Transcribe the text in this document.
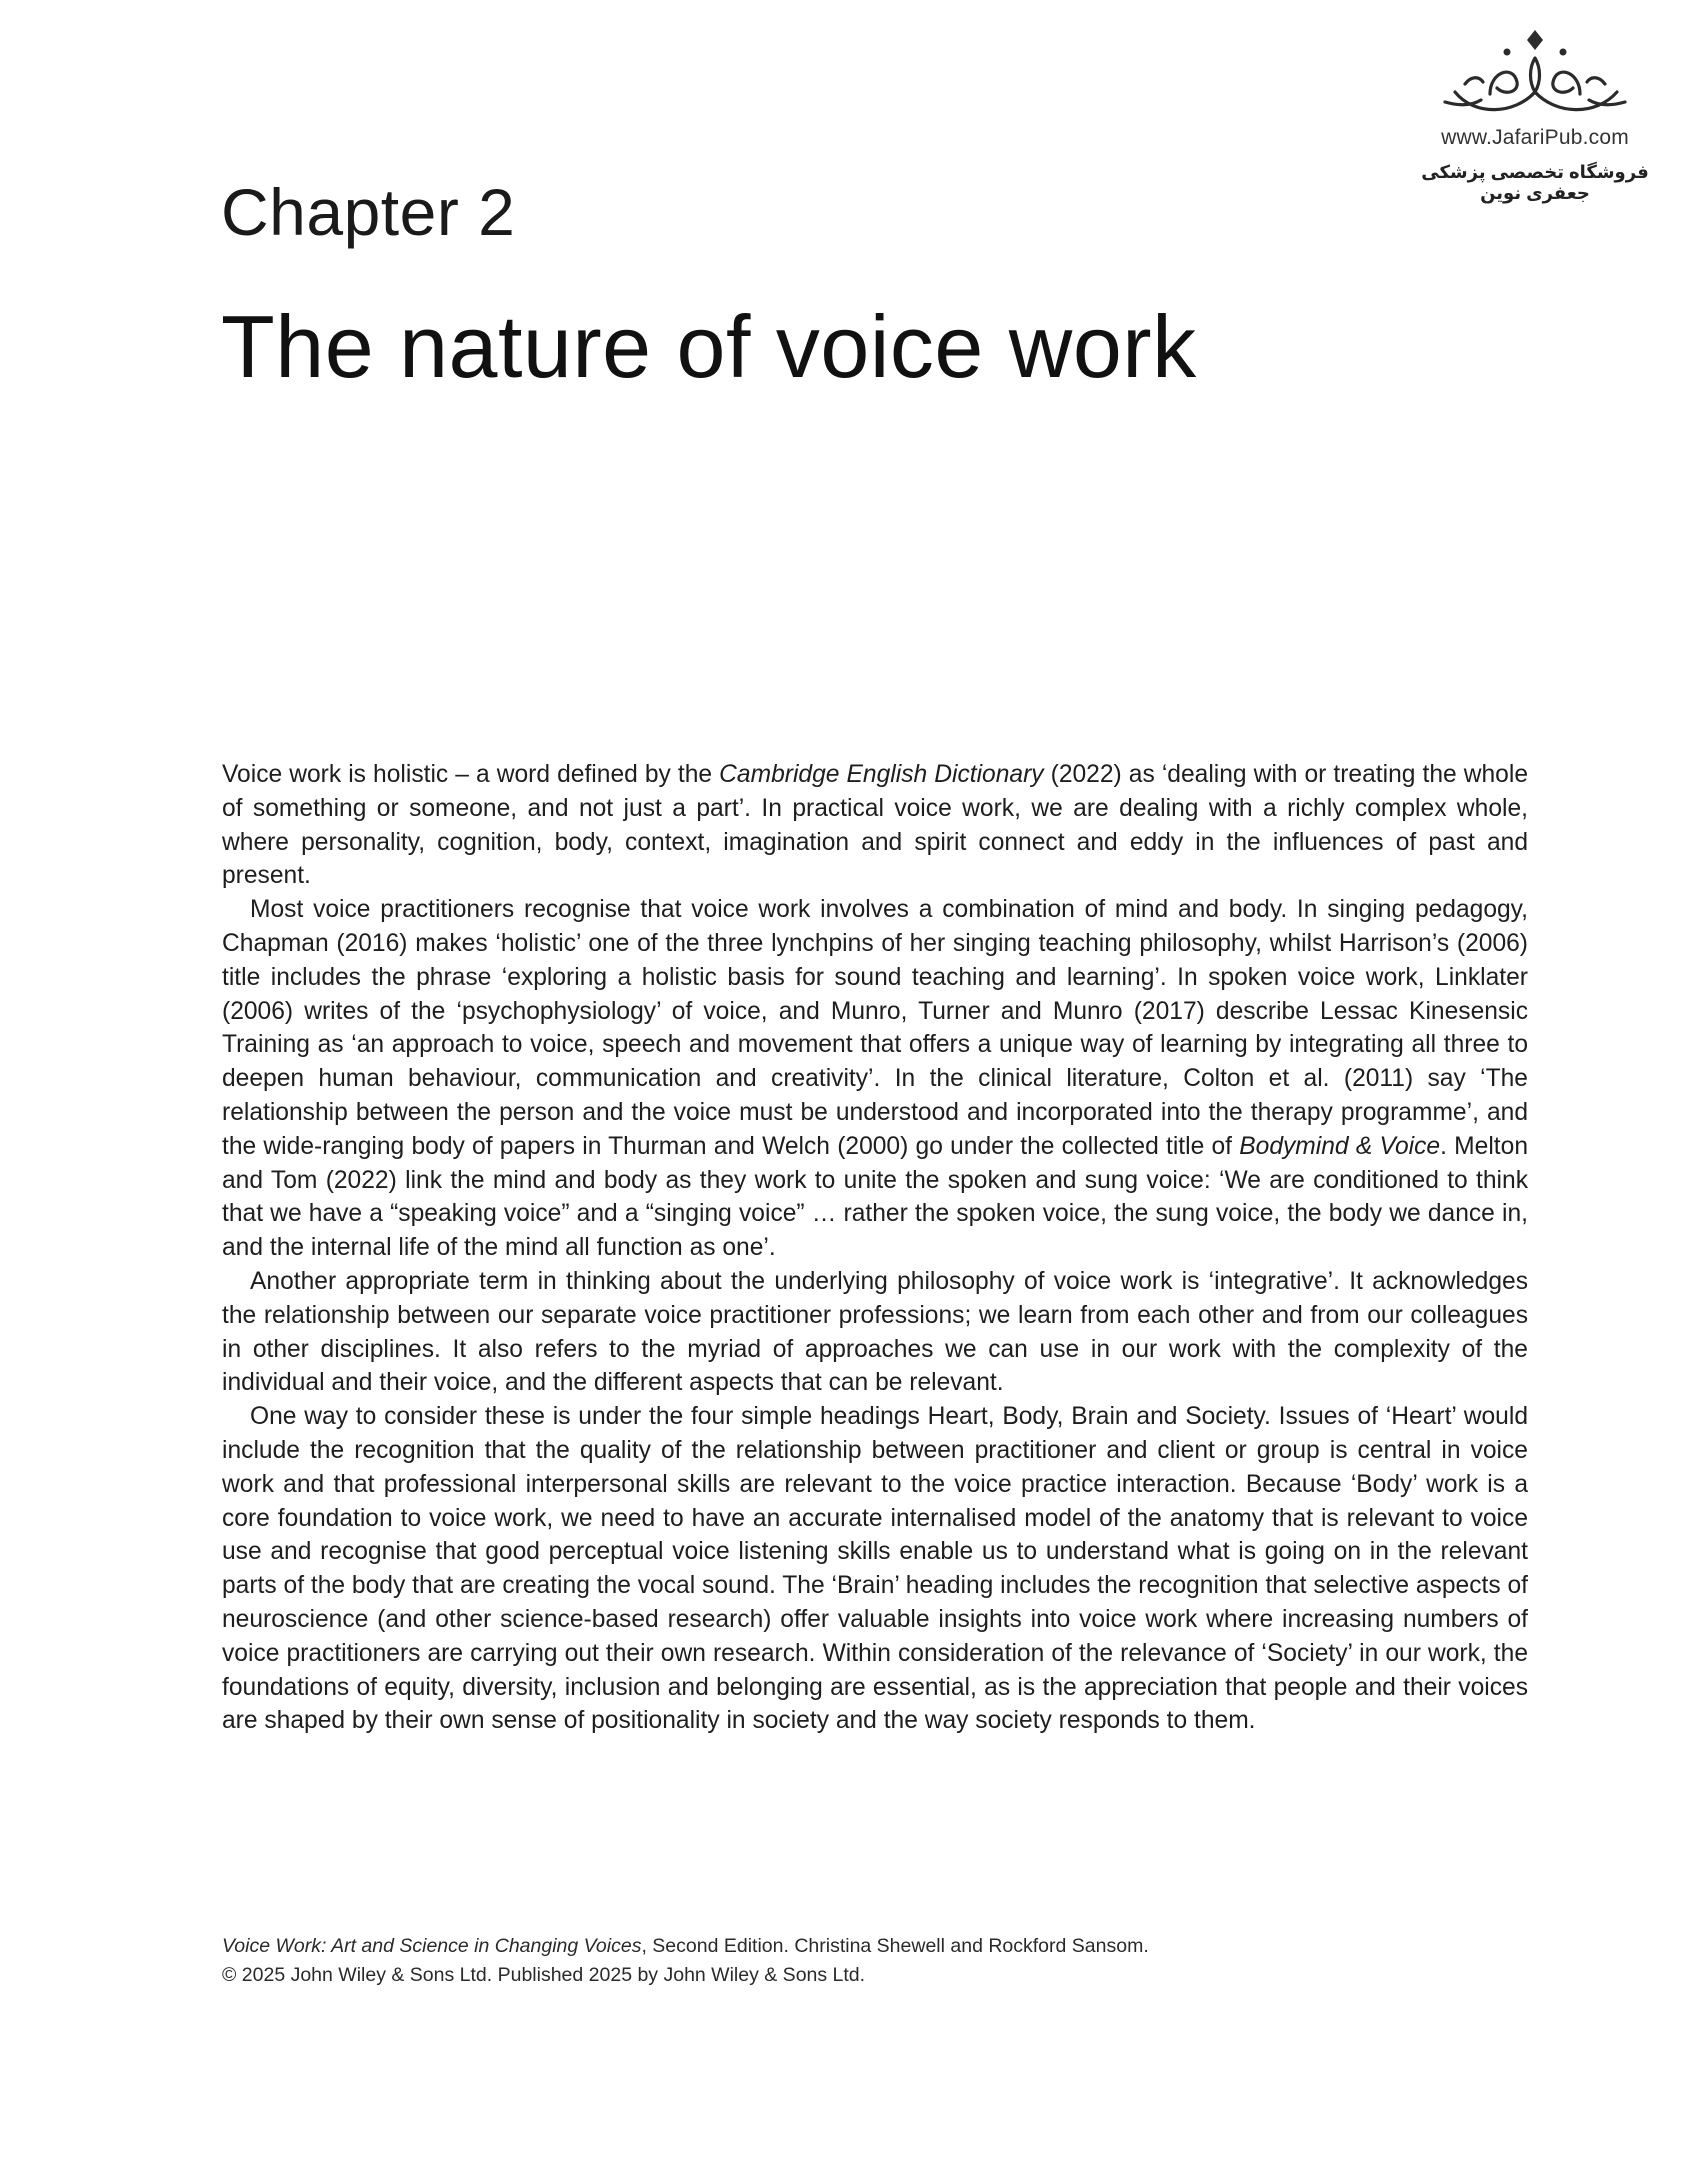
www.JafariPub.com
فروشگاه تخصصی پزشکی جعفری نوین
Chapter 2
The nature of voice work

Voice work is holistic – a word defined by the Cambridge English Dictionary (2022) as ‘dealing with or treating the whole of something or someone, and not just a part’. In practical voice work, we are dealing with a richly complex whole, where personality, cognition, body, context, imagination and spirit connect and eddy in the influences of past and present.

Most voice practitioners recognise that voice work involves a combination of mind and body. In singing pedagogy, Chapman (2016) makes ‘holistic’ one of the three lynchpins of her singing teaching philosophy, whilst Harrison’s (2006) title includes the phrase ‘exploring a holistic basis for sound teaching and learning’. In spoken voice work, Linklater (2006) writes of the ‘psychophysiology’ of voice, and Munro, Turner and Munro (2017) describe Lessac Kinesensic Training as ‘an approach to voice, speech and movement that offers a unique way of learning by integrating all three to deepen human behaviour, communication and creativity’. In the clinical literature, Colton et al. (2011) say ‘The relationship between the person and the voice must be understood and incorporated into the therapy programme’, and the wide-ranging body of papers in Thurman and Welch (2000) go under the collected title of Bodymind & Voice. Melton and Tom (2022) link the mind and body as they work to unite the spoken and sung voice: ‘We are conditioned to think that we have a “speaking voice” and a “singing voice” … rather the spoken voice, the sung voice, the body we dance in, and the internal life of the mind all function as one’.

Another appropriate term in thinking about the underlying philosophy of voice work is ‘integrative’. It acknowledges the relationship between our separate voice practitioner professions; we learn from each other and from our colleagues in other disciplines. It also refers to the myriad of approaches we can use in our work with the complexity of the individual and their voice, and the different aspects that can be relevant.

One way to consider these is under the four simple headings Heart, Body, Brain and Society. Issues of ‘Heart’ would include the recognition that the quality of the relationship between practitioner and client or group is central in voice work and that professional interpersonal skills are relevant to the voice practice interaction. Because ‘Body’ work is a core foundation to voice work, we need to have an accurate internalised model of the anatomy that is relevant to voice use and recognise that good perceptual voice listening skills enable us to understand what is going on in the relevant parts of the body that are creating the vocal sound. The ‘Brain’ heading includes the recognition that selective aspects of neuroscience (and other science-based research) offer valuable insights into voice work where increasing numbers of voice practitioners are carrying out their own research. Within consideration of the relevance of ‘Society’ in our work, the foundations of equity, diversity, inclusion and belonging are essential, as is the appreciation that people and their voices are shaped by their own sense of positionality in society and the way society responds to them.

Voice Work: Art and Science in Changing Voices, Second Edition. Christina Shewell and Rockford Sansom.

© 2025 John Wiley & Sons Ltd. Published 2025 by John Wiley & Sons Ltd.
